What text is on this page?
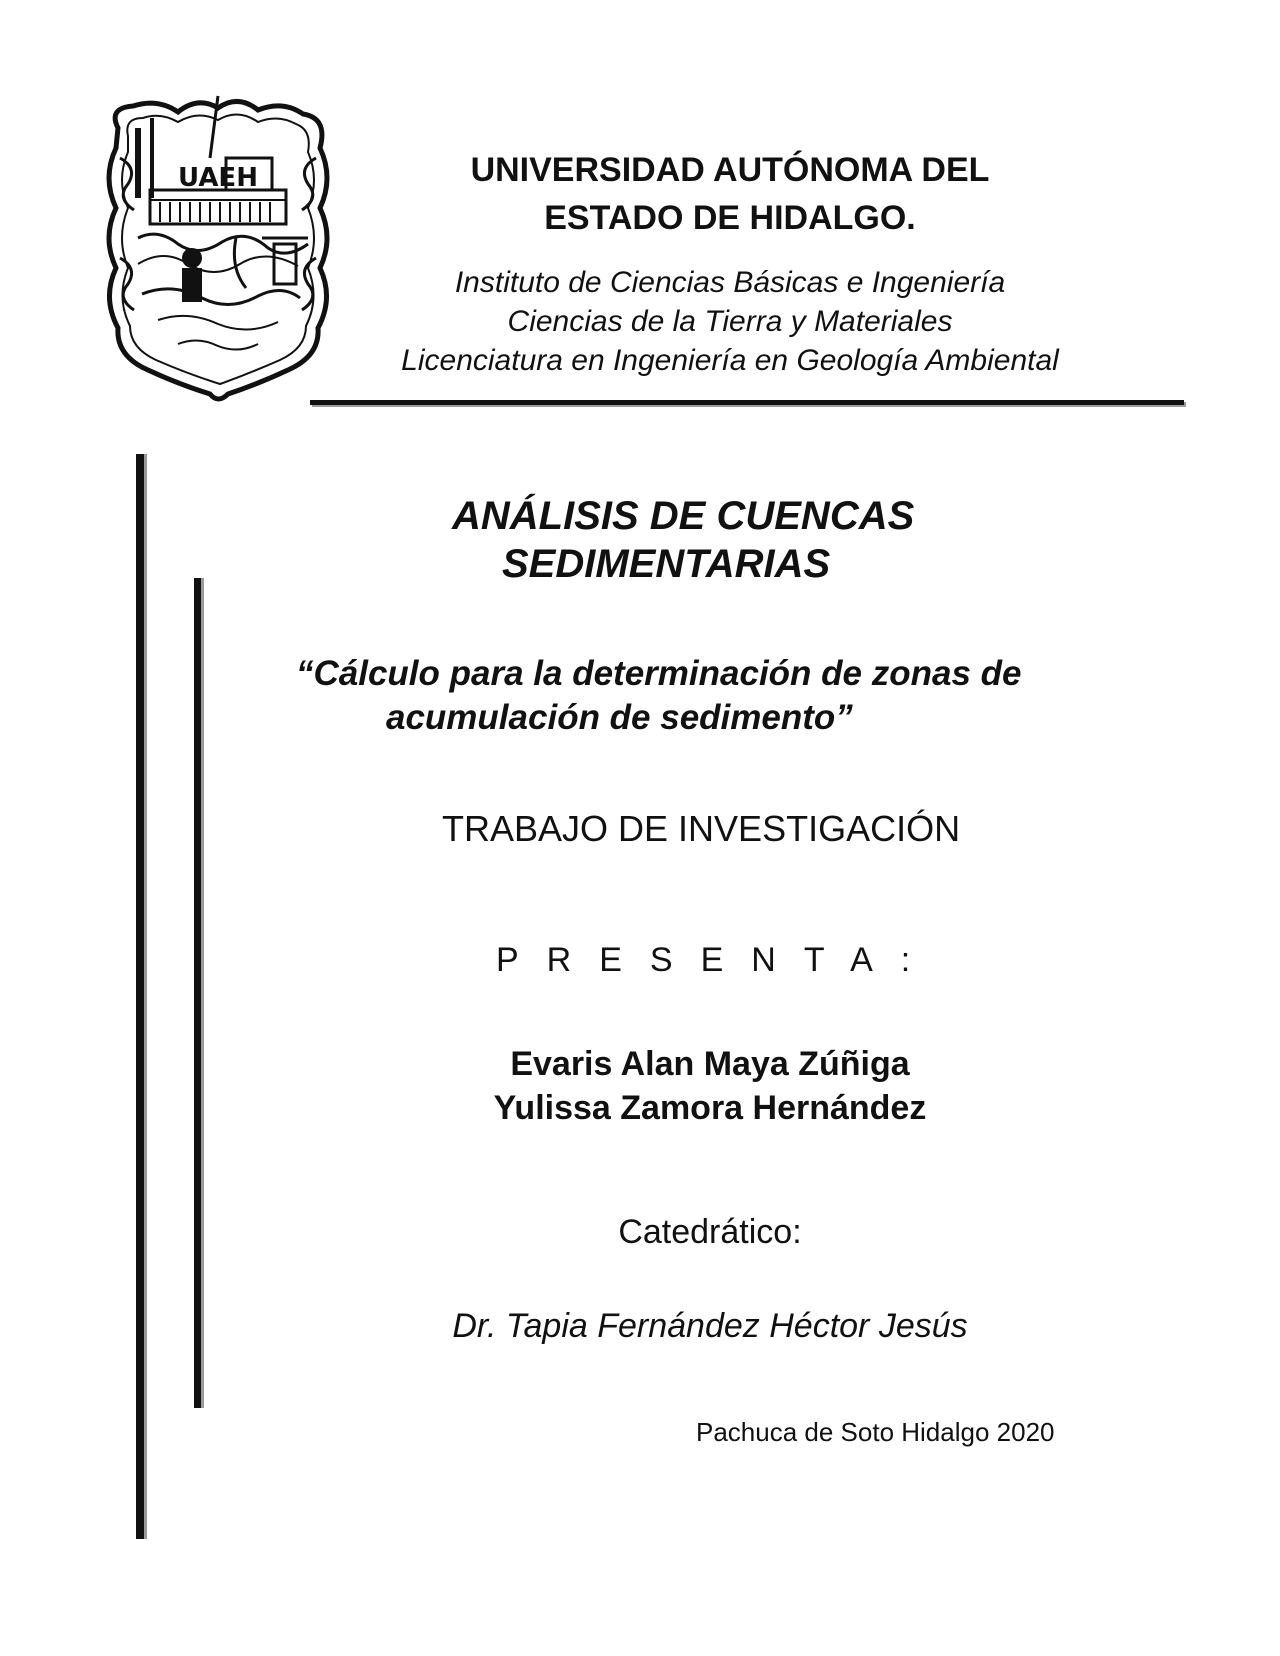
UAEH	UNIVERSIDAD AUTÓNOMA DEL
ESTADO DE HIDALGO.
Instituto de Ciencias Básicas e Ingeniería
Ciencias de la Tierra y Materiales
Licenciatura en Ingeniería en Geología Ambiental
ANÁLISIS DE CUENCAS
SEDIMENTARIAS
“Cálculo para la determinación de zonas de
acumulación de sedimento”
TRABAJO DE INVESTIGACIÓN
PRESENTA:
Evaris Alan Maya Zúñiga
Yulissa Zamora Hernández
Catedrático:
Dr. Tapia Fernández Héctor Jesús
Pachuca de Soto Hidalgo 2020
